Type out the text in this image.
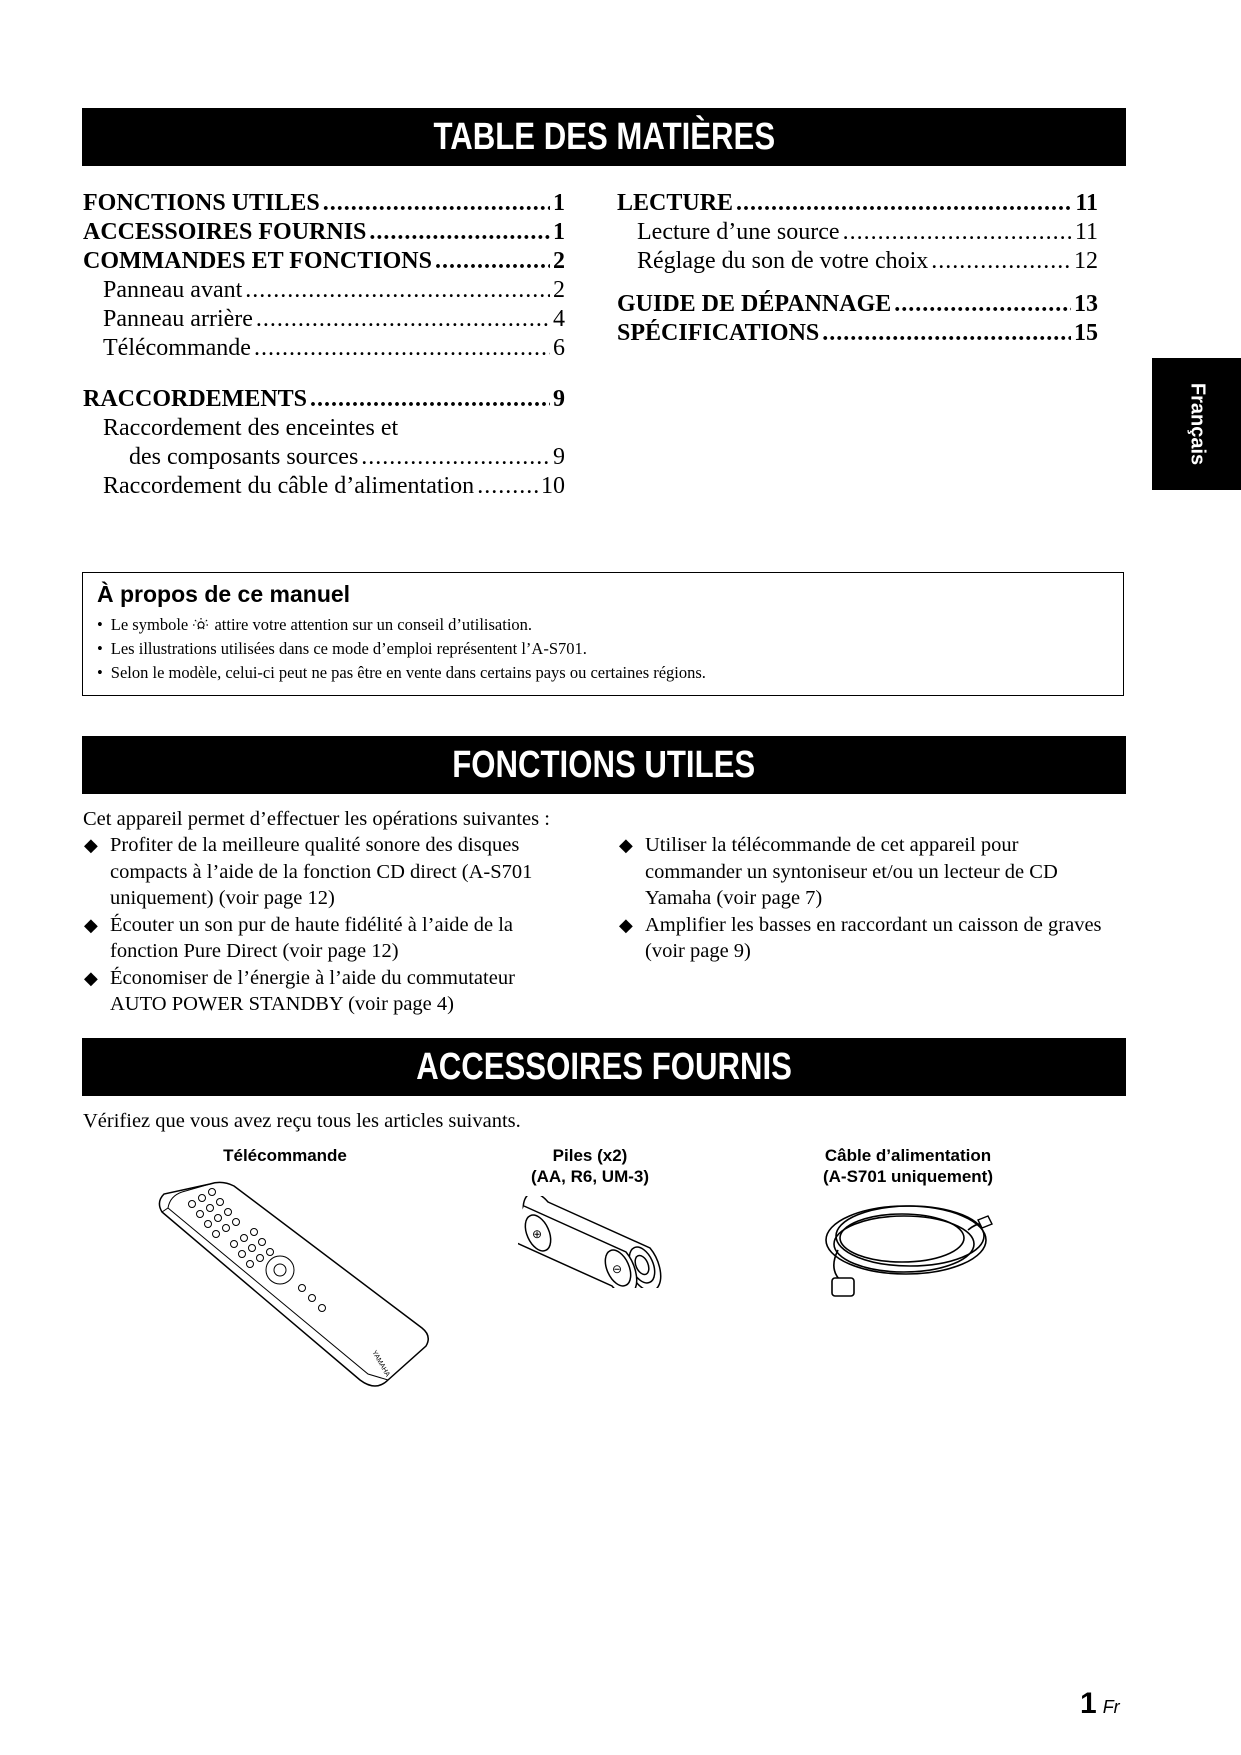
TABLE DES MATIÈRES
FONCTIONS UTILES .....	1
ACCESSOIRES FOURNIS .....	1
COMMANDES ET FONCTIONS .....	2
Panneau avant .....	2
Panneau arrière .....	4
Télécommande .....	6
RACCORDEMENTS .....	9
Raccordement des enceintes et
des composants sources .....	9
Raccordement du câble d’alimentation .....	10
LECTURE .....	11
Lecture d’une source .....	11
Réglage du son de votre choix .....	12
GUIDE DE DÉPANNAGE .....	13
SPÉCIFICATIONS .....	15
Français
À propos de ce manuel
• Le symbole attire votre attention sur un conseil d’utilisation.
• Les illustrations utilisées dans ce mode d’emploi représentent l’A-S701.
• Selon le modèle, celui-ci peut ne pas être en vente dans certains pays ou certaines régions.
FONCTIONS UTILES
Cet appareil permet d’effectuer les opérations suivantes :
◆ Profiter de la meilleure qualité sonore des disques
compacts à l’aide de la fonction CD direct (A-S701
uniquement) (voir page 12)
◆ Écouter un son pur de haute fidélité à l’aide de la
fonction Pure Direct (voir page 12)
◆ Économiser de l’énergie à l’aide du commutateur
AUTO POWER STANDBY (voir page 4)
◆ Utiliser la télécommande de cet appareil pour
commander un syntoniseur et/ou un lecteur de CD
Yamaha (voir page 7)
◆ Amplifier les basses en raccordant un caisson de graves
(voir page 9)
ACCESSOIRES FOURNIS
Vérifiez que vous avez reçu tous les articles suivants.
Télécommande	Piles (x2)
(AA, R6, UM-3)
Câble d’alimentation
(A-S701 uniquement)
YAMAHA
⊕
⊖
1 Fr
